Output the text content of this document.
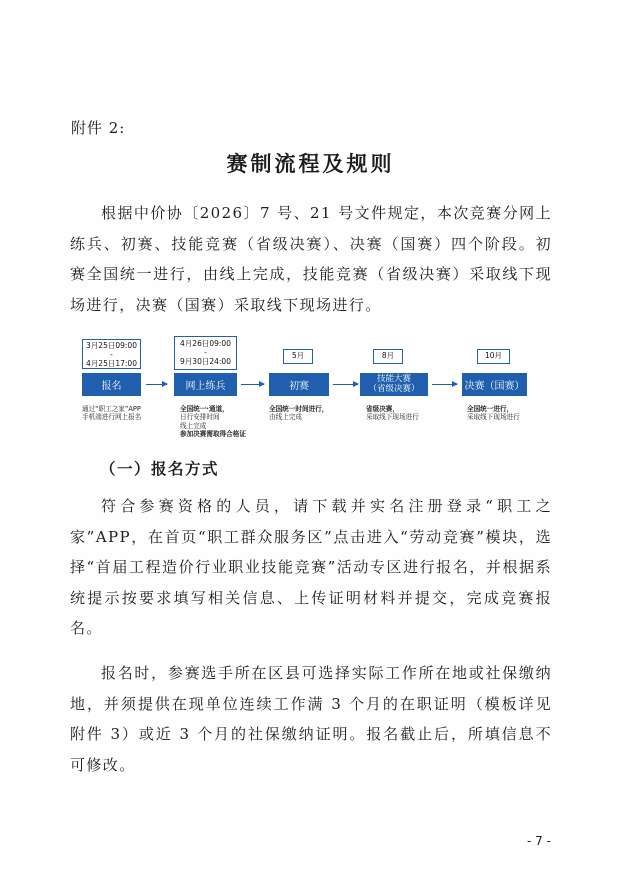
附件 2:
赛制流程及规则
根据中价协〔2026〕7 号、21 号文件规定，本次竞赛分网上练兵、初赛、技能竞赛（省级决赛）、决赛（国赛）四个阶段。初赛全国统一进行，由线上完成，技能竞赛（省级决赛）采取线下现场进行，决赛（国赛）采取线下现场进行。
3月25日09:00
-
4月25日17:00
报名
通过“职工之家”APP
手机端进行网上报名
4月26日09:00
-
9月30日24:00
网上练兵
全国统一·通道，
日行安排时间
线上完成
参加决赛需取得合格证
5月
初赛
全国统一时间进行，
由线上完成
8月
技能大赛
（省级决赛）
省级决赛，
采取线下现场进行
10月
决赛（国赛）
全国统一进行，
采取线下现场进行
（一）报名方式
符合参赛资格的人员，请下载并实名注册登录“职工之家”APP，在首页“职工群众服务区”点击进入“劳动竞赛”模块，选择“首届工程造价行业职业技能竞赛”活动专区进行报名，并根据系统提示按要求填写相关信息、上传证明材料并提交，完成竞赛报名。
报名时，参赛选手所在区县可选择实际工作所在地或社保缴纳地，并须提供在现单位连续工作满 3 个月的在职证明（模板详见附件 3）或近 3 个月的社保缴纳证明。报名截止后，所填信息不可修改。
- 7 -
